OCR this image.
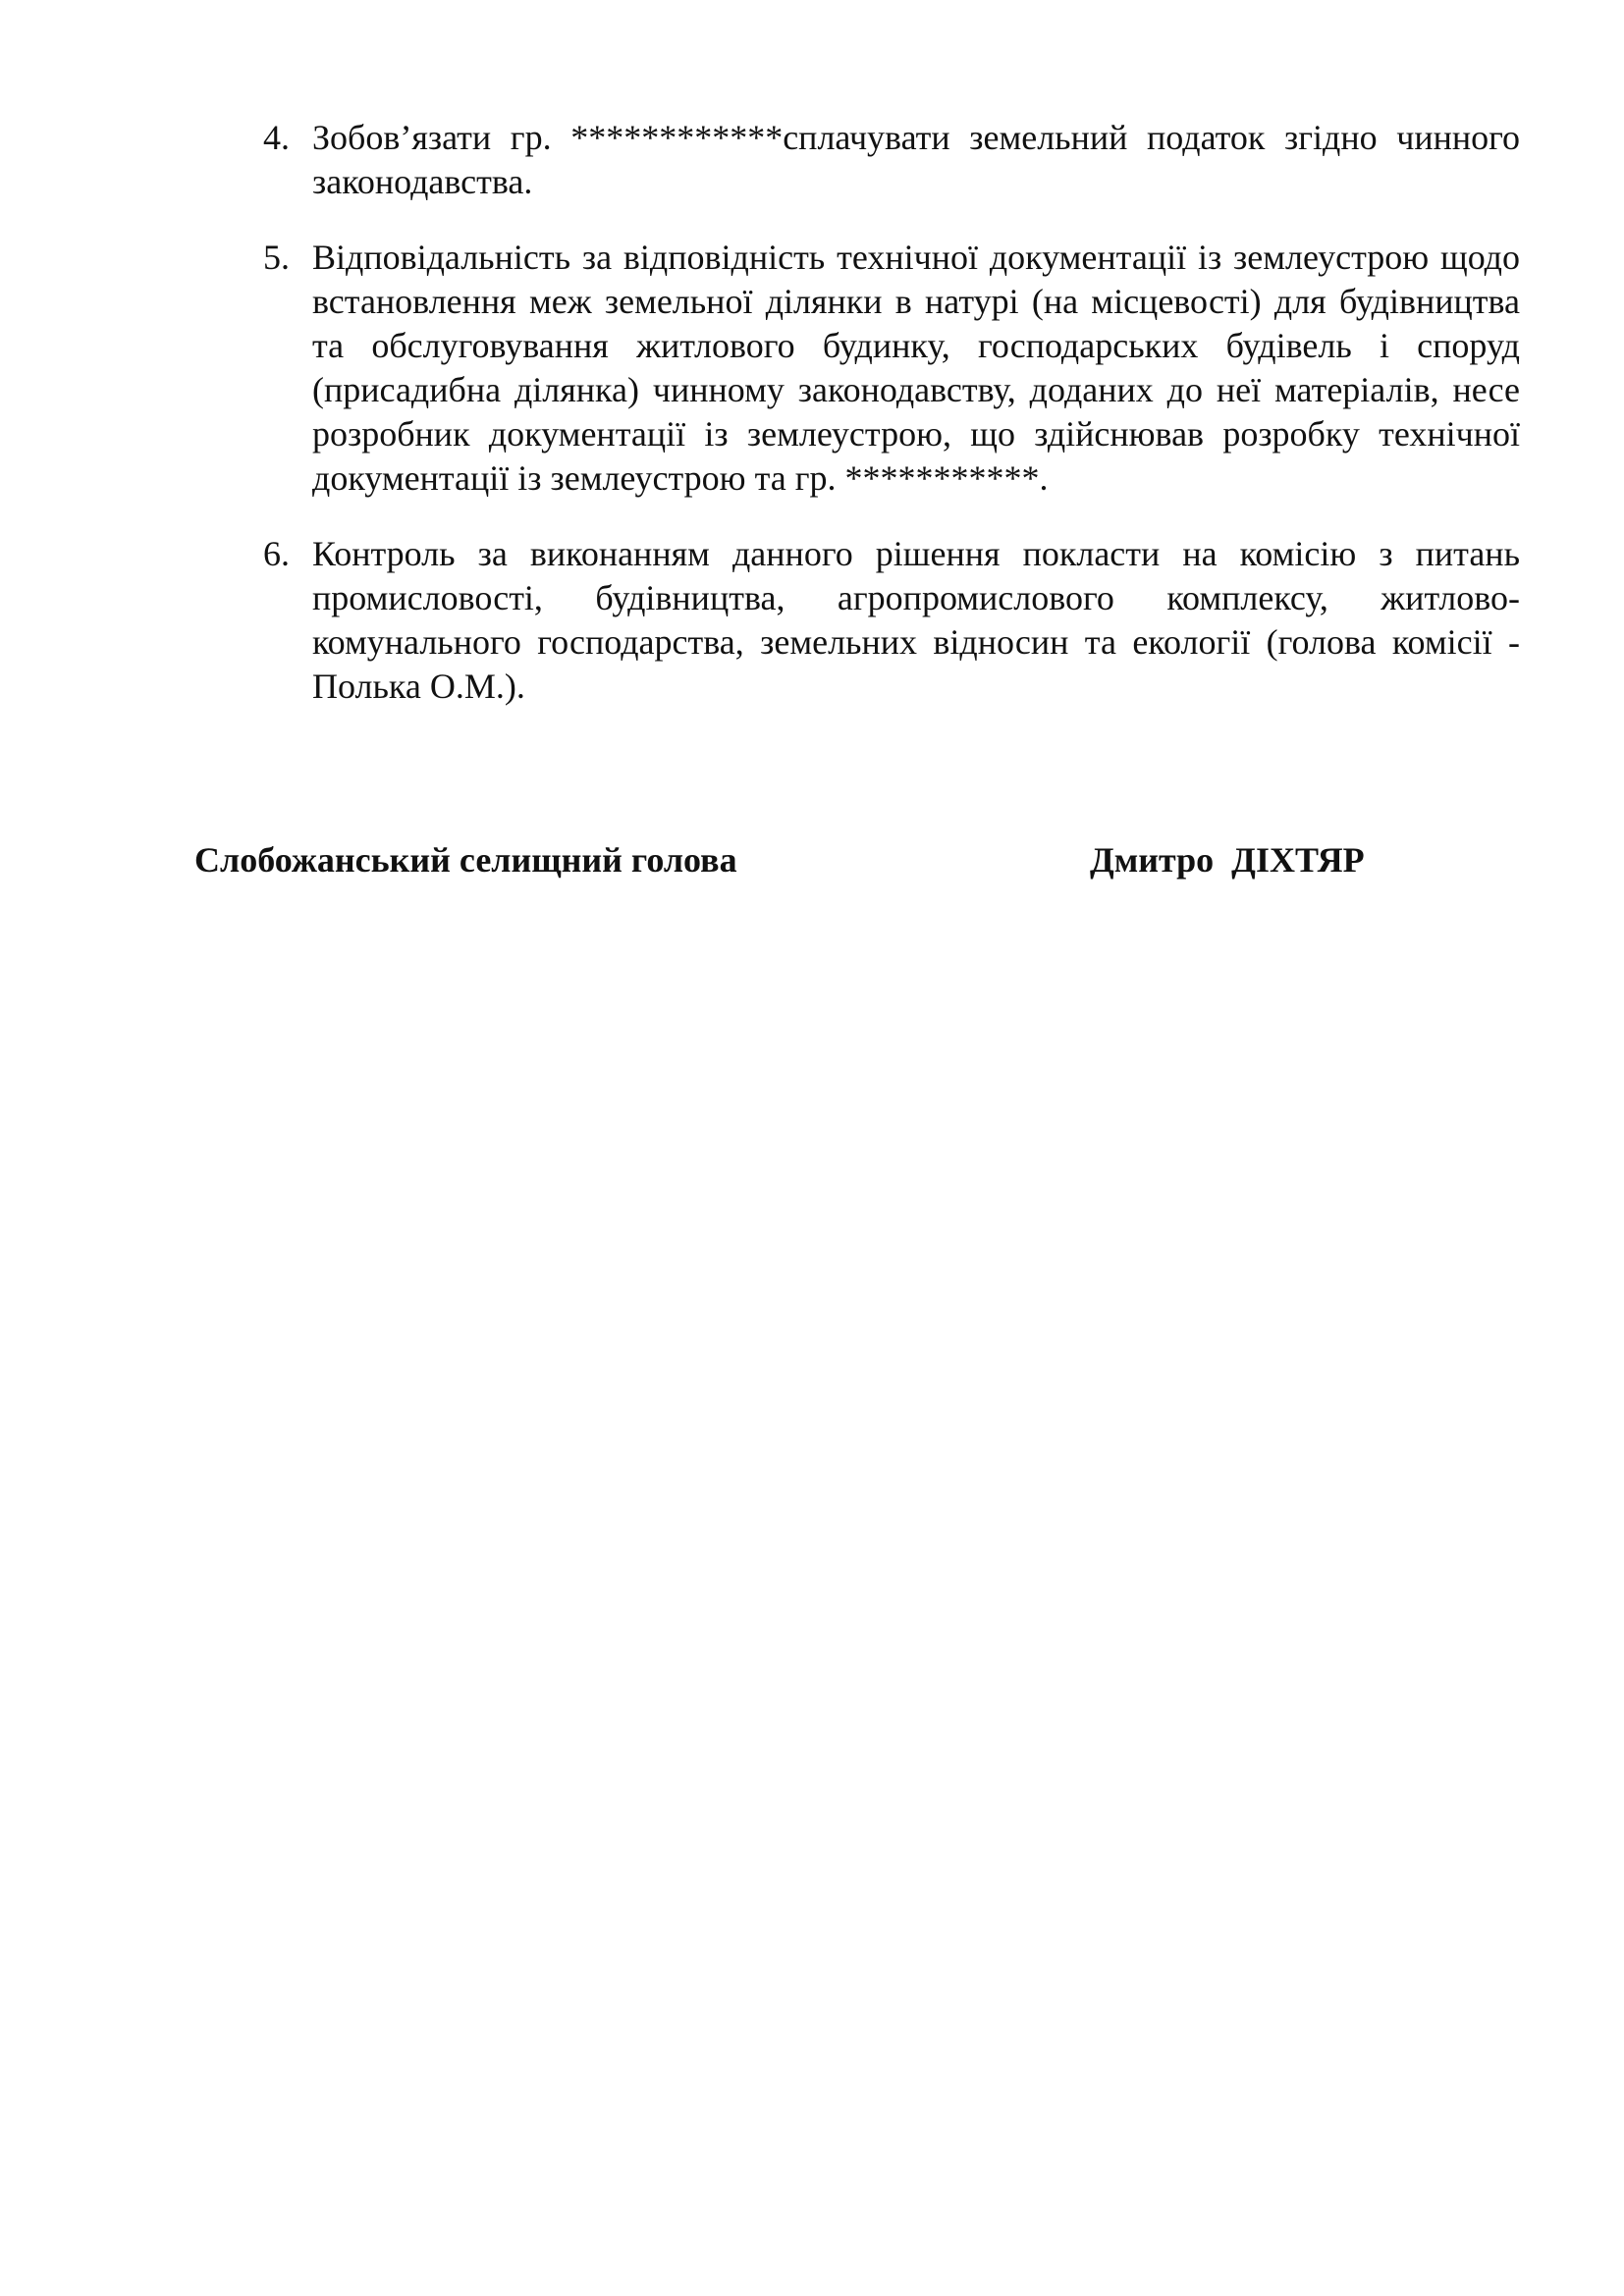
4. Зобов’язати гр. ************сплачувати земельний податок згідно чинного законодавства.
5. Відповідальність за відповідність технічної документації із землеустрою щодо встановлення меж земельної ділянки в натурі (на місцевості) для будівництва та обслуговування житлового будинку, господарських будівель і споруд (присадибна ділянка) чинному законодавству, доданих до неї матеріалів, несе розробник документації із землеустрою, що здійснював розробку технічної документації із землеустрою та гр. ***********.
6. Контроль за виконанням данного рішення покласти на комісію з питань промисловості, будівництва, агропромислового комплексу, житлово-комунального господарства, земельних відносин та екології (голова комісії - Полька О.М.).
Слобожанський селищний голова	Дмитро  ДІХТЯР
